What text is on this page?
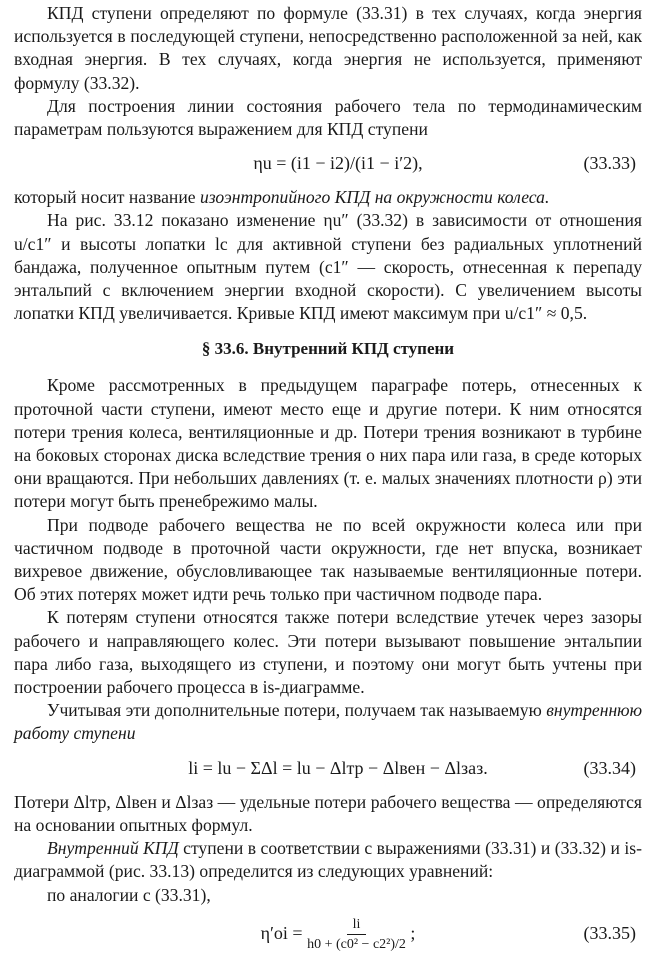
КПД ступени определяют по формуле (33.31) в тех случаях, когда энергия используется в последующей ступени, непосредственно расположенной за ней, как входная энергия. В тех случаях, когда энергия не используется, применяют формулу (33.32).

Для построения линии состояния рабочего тела по термодинамическим параметрам пользуются выражением для КПД ступени

ηu = (i1 − i2)/(i1 − i′2),	(33.33)

который носит название изоэнтропийного КПД на окружности колеса.

На рис. 33.12 показано изменение ηu″ (33.32) в зависимости от отношения u/c1″ и высоты лопатки lc для активной ступени без радиальных уплотнений бандажа, полученное опытным путем (c1″ — скорость, отнесенная к перепаду энтальпий с включением энергии входной скорости). С увеличением высоты лопатки КПД увеличивается. Кривые КПД имеют максимум при u/c1″ ≈ 0,5.

§ 33.6. Внутренний КПД ступени

Кроме рассмотренных в предыдущем параграфе потерь, отнесенных к проточной части ступени, имеют место еще и другие потери. К ним относятся потери трения колеса, вентиляционные и др. Потери трения возникают в турбине на боковых сторонах диска вследствие трения о них пара или газа, в среде которых они вращаются. При небольших давлениях (т. е. малых значениях плотности ρ) эти потери могут быть пренебрежимо малы.

При подводе рабочего вещества не по всей окружности колеса или при частичном подводе в проточной части окружности, где нет впуска, возникает вихревое движение, обусловливающее так называемые вентиляционные потери. Об этих потерях может идти речь только при частичном подводе пара.

К потерям ступени относятся также потери вследствие утечек через зазоры рабочего и направляющего колес. Эти потери вызывают повышение энтальпии пара либо газа, выходящего из ступени, и поэтому они могут быть учтены при построении рабочего процесса в is-диаграмме.

Учитывая эти дополнительные потери, получаем так называемую внутреннюю работу ступени

li = lu − ΣΔl = lu − Δlтр − Δlвен − Δlзаз.	(33.34)

Потери Δlтр, Δlвен и Δlзаз — удельные потери рабочего вещества — определяются на основании опытных формул.

Внутренний КПД ступени в соответствии с выражениями (33.31) и (33.32) и is-диаграммой (рис. 33.13) определится из следующих уравнений:

по аналогии с (33.31),

$\eta'oi = \frac{li}{\text{h0 + (c0² − c2²)/2}}$ ;	(33.35)
